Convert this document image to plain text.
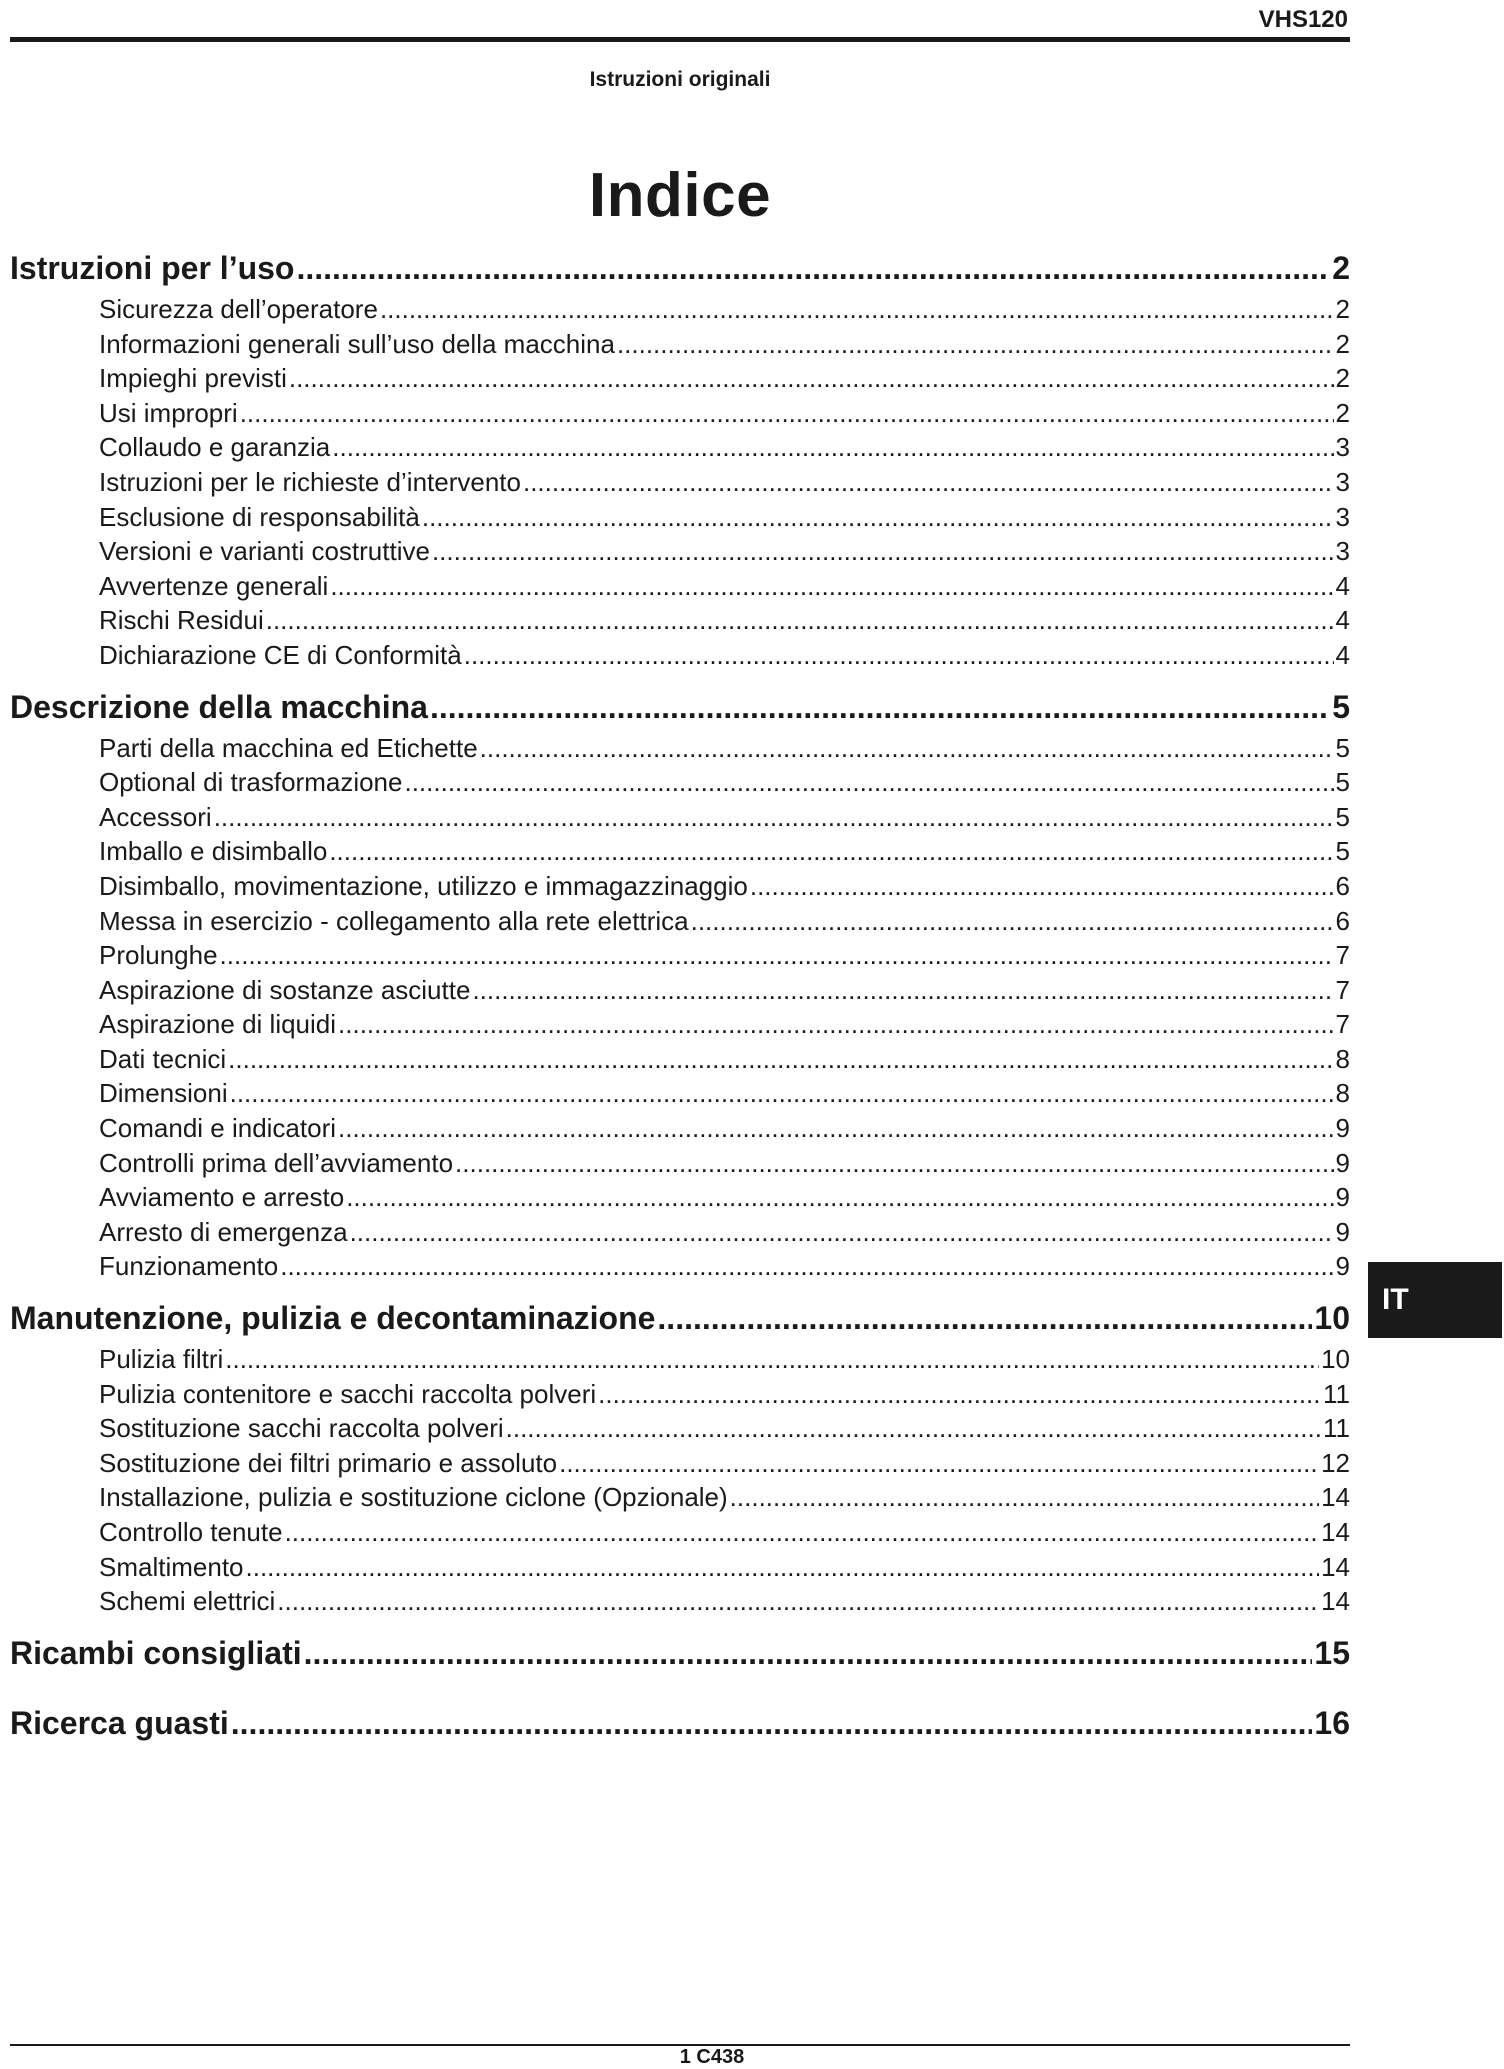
VHS120
Istruzioni originali
Indice
Istruzioni per l’uso .....	2
Sicurezza dell’operatore .....	2
Informazioni generali sull’uso della macchina .....	2
Impieghi previsti .....	2
Usi impropri .....	2
Collaudo e garanzia .....	3
Istruzioni per le richieste d’intervento .....	3
Esclusione di responsabilità .....	3
Versioni e varianti costruttive .....	3
Avvertenze generali .....	4
Rischi Residui .....	4
Dichiarazione CE di Conformità .....	4
Descrizione della macchina .....	5
Parti della macchina ed Etichette .....	5
Optional di trasformazione .....	5
Accessori .....	5
Imballo e disimballo .....	5
Disimballo, movimentazione, utilizzo e immagazzinaggio .....	6
Messa in esercizio - collegamento alla rete elettrica .....	6
Prolunghe .....	7
Aspirazione di sostanze asciutte .....	7
Aspirazione di liquidi .....	7
Dati tecnici .....	8
Dimensioni .....	8
Comandi e indicatori .....	9
Controlli prima dell’avviamento .....	9
Avviamento e arresto .....	9
Arresto di emergenza .....	9
Funzionamento .....	9
Manutenzione, pulizia e decontaminazione .....	10
Pulizia filtri .....	10
Pulizia contenitore e sacchi raccolta polveri .....	11
Sostituzione sacchi raccolta polveri .....	11
Sostituzione dei filtri primario e assoluto .....	12
Installazione, pulizia e sostituzione ciclone (Opzionale) .....	14
Controllo tenute .....	14
Smaltimento .....	14
Schemi elettrici .....	14
Ricambi consigliati .....	15
Ricerca guasti .....	16
IT
1 C438
